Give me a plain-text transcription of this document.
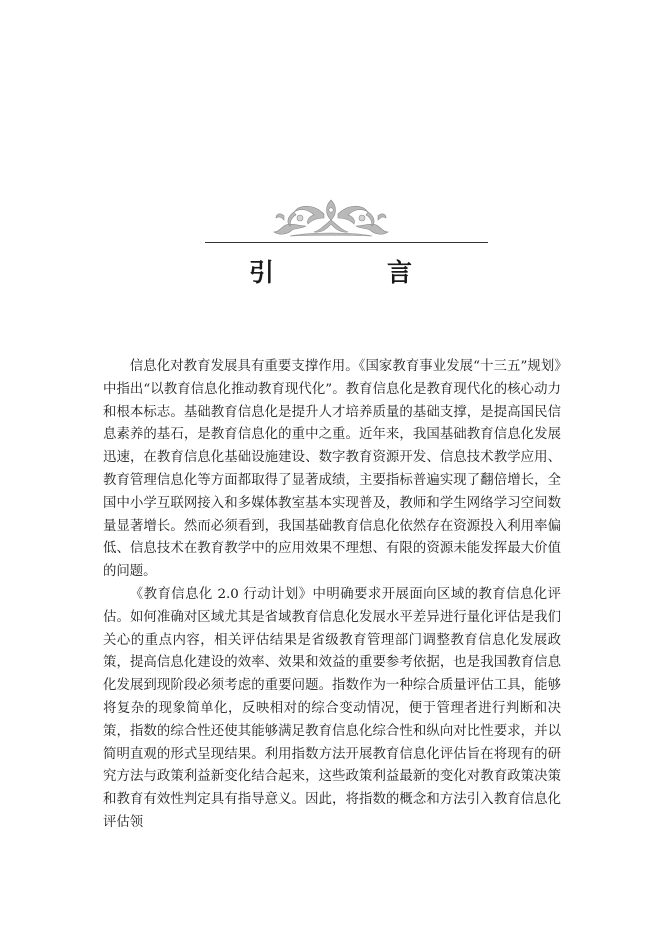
引　言

信息化对教育发展具有重要支撑作用。《国家教育事业发展“十三五”规划》中指出“以教育信息化推动教育现代化”。教育信息化是教育现代化的核心动力和根本标志。基础教育信息化是提升人才培养质量的基础支撑，是提高国民信息素养的基石，是教育信息化的重中之重。近年来，我国基础教育信息化发展迅速，在教育信息化基础设施建设、数字教育资源开发、信息技术教学应用、教育管理信息化等方面都取得了显著成绩，主要指标普遍实现了翻倍增长，全国中小学互联网接入和多媒体教室基本实现普及，教师和学生网络学习空间数量显著增长。然而必须看到，我国基础教育信息化依然存在资源投入利用率偏低、信息技术在教育教学中的应用效果不理想、有限的资源未能发挥最大价值的问题。

《教育信息化 2.0 行动计划》中明确要求开展面向区域的教育信息化评估。如何准确对区域尤其是省域教育信息化发展水平差异进行量化评估是我们关心的重点内容，相关评估结果是省级教育管理部门调整教育信息化发展政策，提高信息化建设的效率、效果和效益的重要参考依据，也是我国教育信息化发展到现阶段必须考虑的重要问题。指数作为一种综合质量评估工具，能够将复杂的现象简单化，反映相对的综合变动情况，便于管理者进行判断和决策，指数的综合性还使其能够满足教育信息化综合性和纵向对比性要求，并以简明直观的形式呈现结果。利用指数方法开展教育信息化评估旨在将现有的研究方法与政策利益新变化结合起来，这些政策利益最新的变化对教育政策决策和教育有效性判定具有指导意义。因此，将指数的概念和方法引入教育信息化评估领
